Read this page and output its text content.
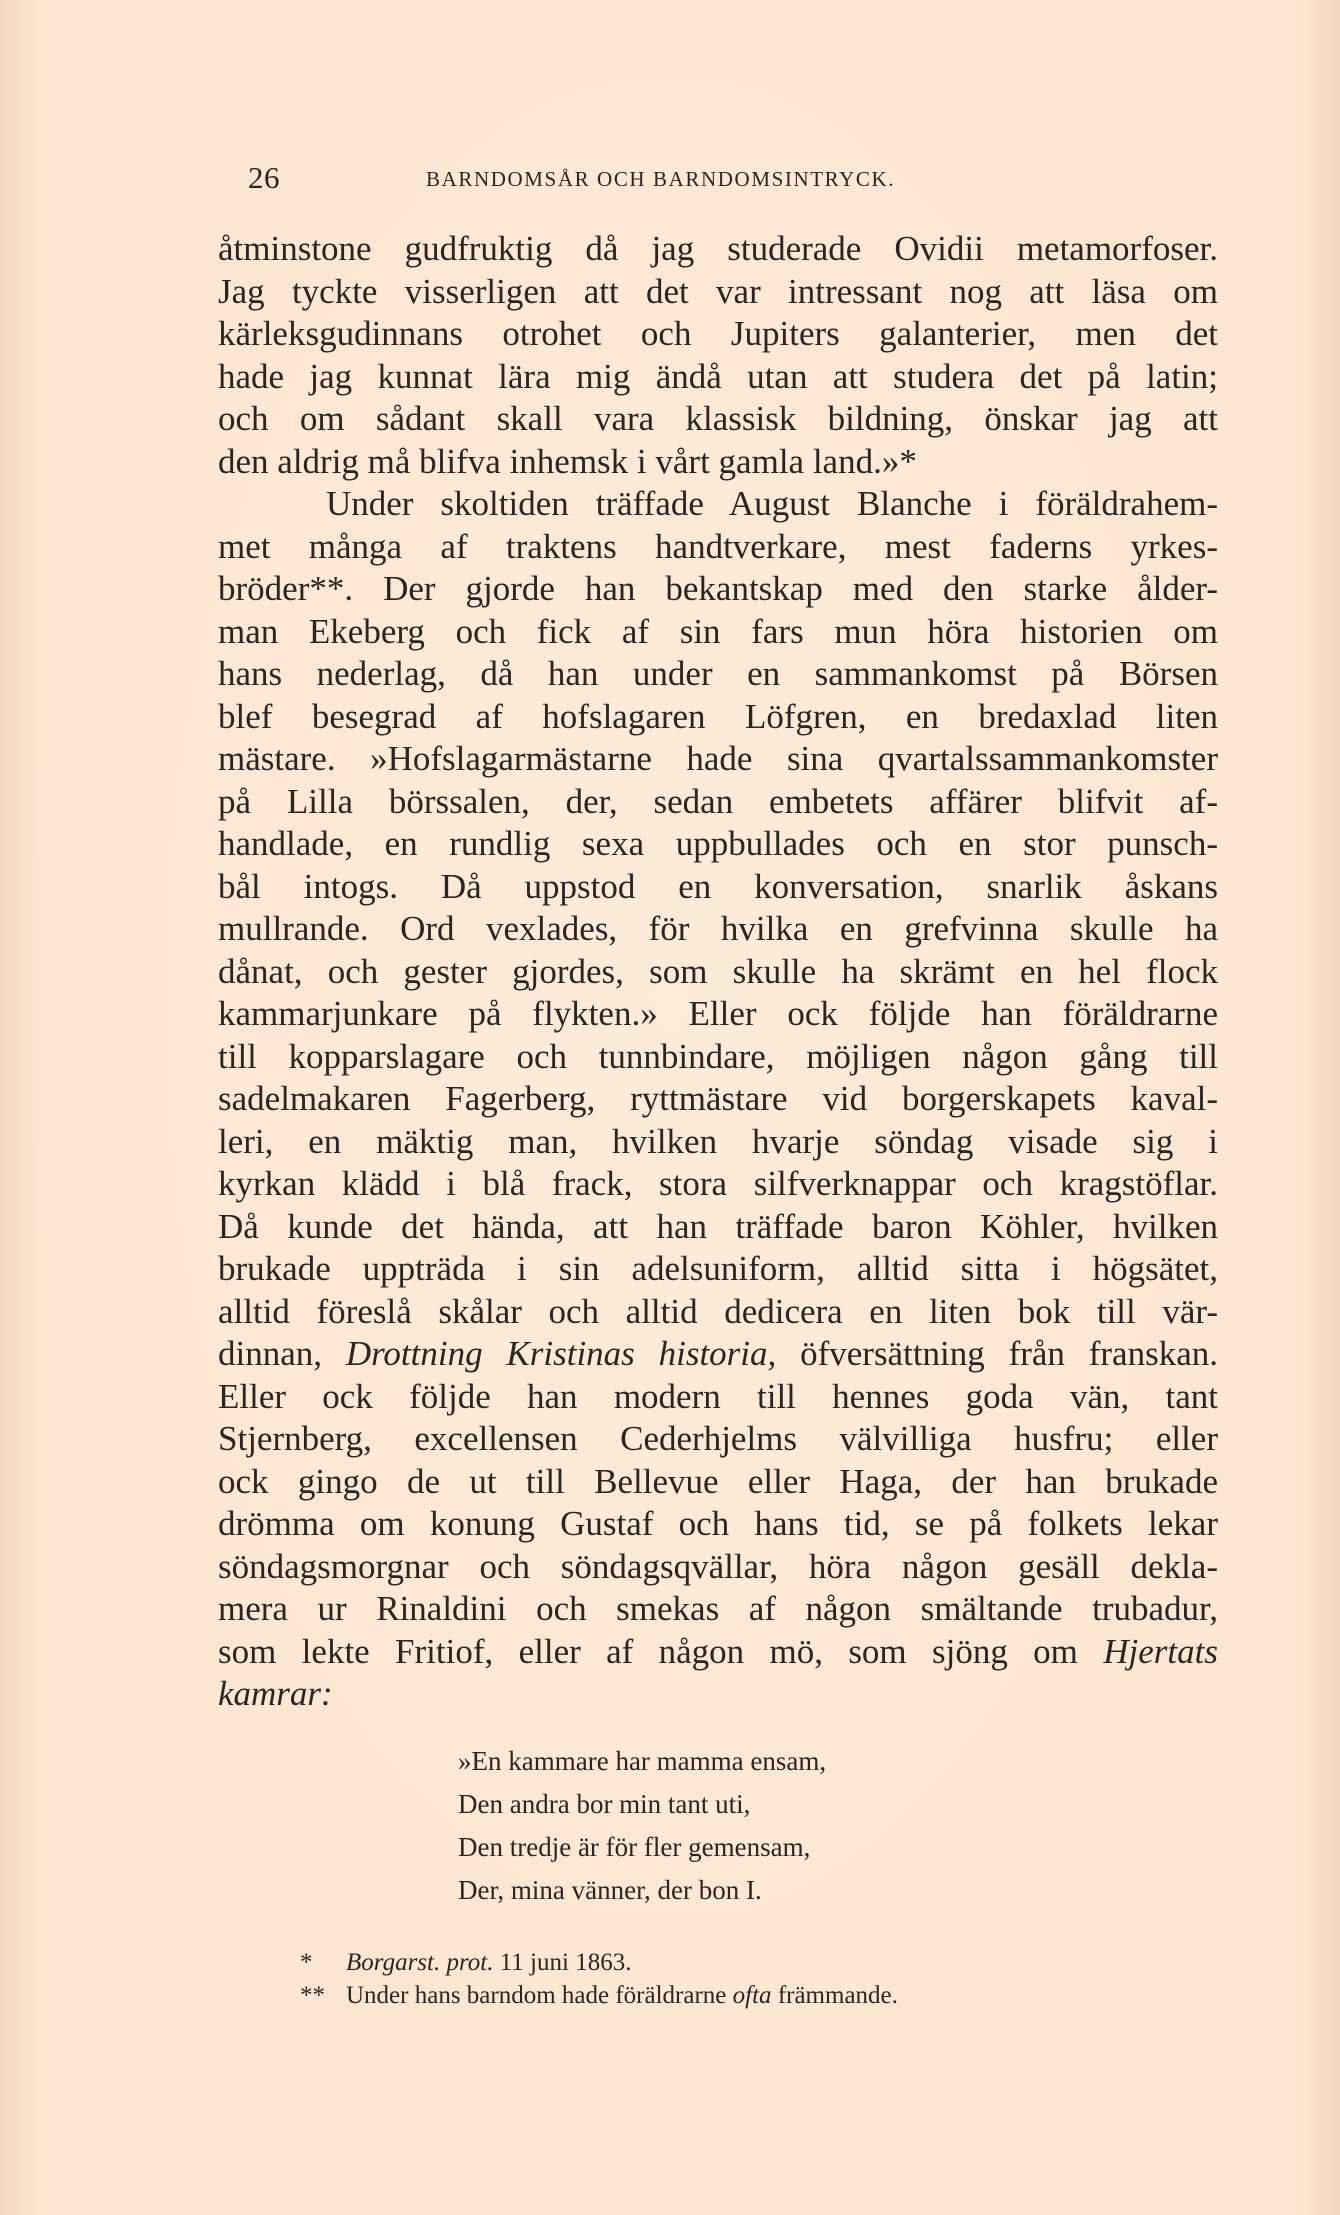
26	BARNDOMSÅR OCH BARNDOMSINTRYCK.
åtminstone gudfruktig då jag studerade Ovidii metamorfoser.
Jag tyckte visserligen att det var intressant nog att läsa om
kärleksgudinnans otrohet och Jupiters galanterier, men det
hade jag kunnat lära mig ändå utan att studera det på latin;
och om sådant skall vara klassisk bildning, önskar jag att
den aldrig må blifva inhemsk i vårt gamla land.»*
Under skoltiden träffade August Blanche i föräldrahem-
met många af traktens handtverkare, mest faderns yrkes-
bröder**. Der gjorde han bekantskap med den starke ålder-
man Ekeberg och fick af sin fars mun höra historien om
hans nederlag, då han under en sammankomst på Börsen
blef besegrad af hofslagaren Löfgren, en bredaxlad liten
mästare. »Hofslagarmästarne hade sina qvartalssammankomster
på Lilla börssalen, der, sedan embetets affärer blifvit af-
handlade, en rundlig sexa uppbullades och en stor punsch-
bål intogs. Då uppstod en konversation, snarlik åskans
mullrande. Ord vexlades, för hvilka en grefvinna skulle ha
dånat, och gester gjordes, som skulle ha skrämt en hel flock
kammarjunkare på flykten.» Eller ock följde han föräldrarne
till kopparslagare och tunnbindare, möjligen någon gång till
sadelmakaren Fagerberg, ryttmästare vid borgerskapets kaval-
leri, en mäktig man, hvilken hvarje söndag visade sig i
kyrkan klädd i blå frack, stora silfverknappar och kragstöflar.
Då kunde det hända, att han träffade baron Köhler, hvilken
brukade uppträda i sin adelsuniform, alltid sitta i högsätet,
alltid föreslå skålar och alltid dedicera en liten bok till vär-
dinnan, Drottning Kristinas historia, öfversättning från franskan.
Eller ock följde han modern till hennes goda vän, tant
Stjernberg, excellensen Cederhjelms välvilliga husfru; eller
ock gingo de ut till Bellevue eller Haga, der han brukade
drömma om konung Gustaf och hans tid, se på folkets lekar
söndagsmorgnar och söndagsqvällar, höra någon gesäll dekla-
mera ur Rinaldini och smekas af någon smältande trubadur,
som lekte Fritiof, eller af någon mö, som sjöng om Hjertats
kamrar:
»En kammare har mamma ensam,
Den andra bor min tant uti,
Den tredje är för fler gemensam,
Der, mina vänner, der bon I.
* Borgarst. prot. 11 juni 1863.
** Under hans barndom hade föräldrarne ofta främmande.
